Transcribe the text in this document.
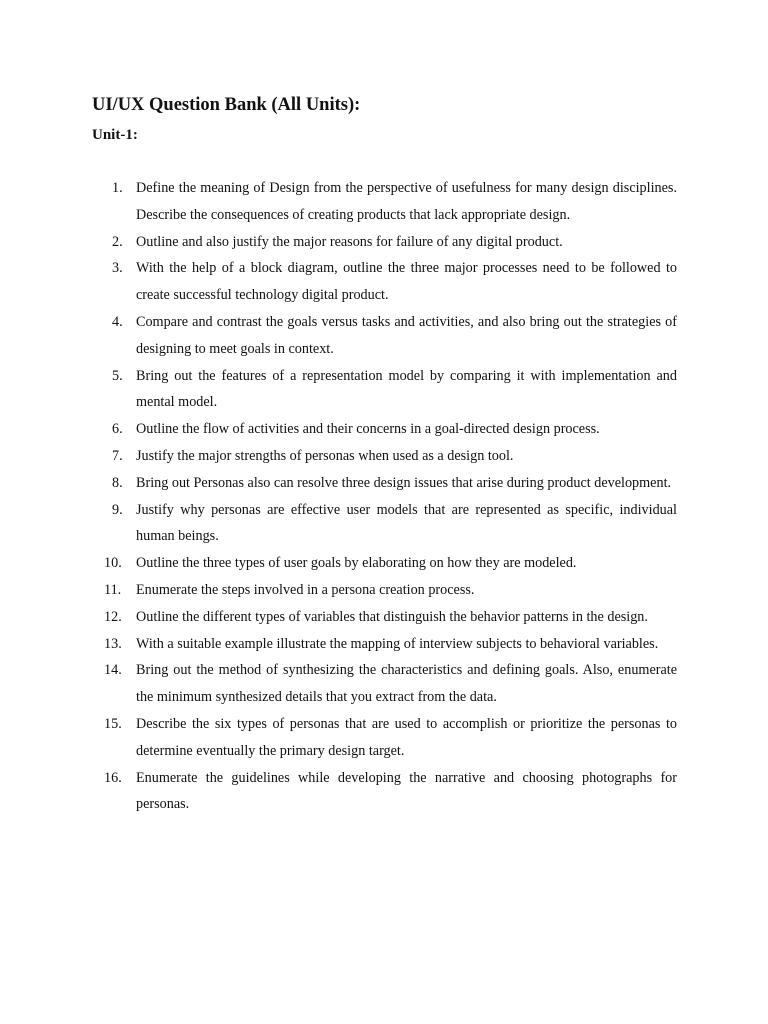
UI/UX Question Bank (All Units):
Unit-1:
1. Define the meaning of Design from the perspective of usefulness for many design disciplines. Describe the consequences of creating products that lack appropriate design.
2. Outline and also justify the major reasons for failure of any digital product.
3. With the help of a block diagram, outline the three major processes need to be followed to create successful technology digital product.
4. Compare and contrast the goals versus tasks and activities, and also bring out the strategies of designing to meet goals in context.
5. Bring out the features of a representation model by comparing it with implementation and mental model.
6. Outline the flow of activities and their concerns in a goal-directed design process.
7. Justify the major strengths of personas when used as a design tool.
8. Bring out Personas also can resolve three design issues that arise during product development.
9. Justify why personas are effective user models that are represented as specific, individual human beings.
10.	Outline the three types of user goals by elaborating on how they are modeled.
11.	Enumerate the steps involved in a persona creation process.
12.	Outline the different types of variables that distinguish the behavior patterns in the design.
13.	With a suitable example illustrate the mapping of interview subjects to behavioral variables.
14.	Bring out the method of synthesizing the characteristics and defining goals. Also, enumerate the minimum synthesized details that you extract from the data.
15.	Describe the six types of personas that are used to accomplish or prioritize the personas to determine eventually the primary design target.
16.	Enumerate the guidelines while developing the narrative and choosing photographs for personas.
